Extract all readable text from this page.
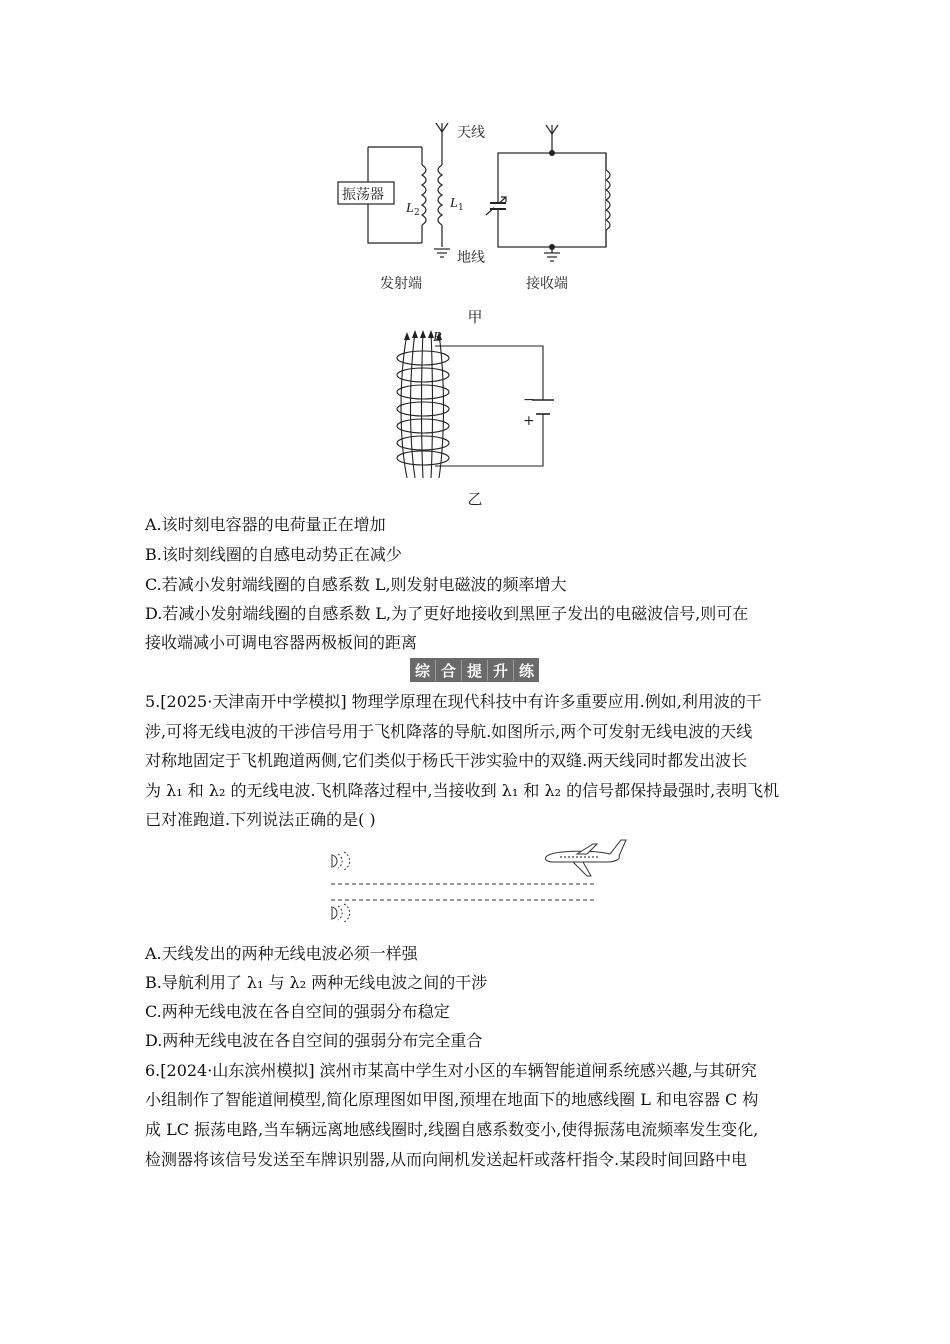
振荡器
L 2
L 1
天线
地线
发射端	接收端
甲
B
−
+
乙
A.该时刻电容器的电荷量正在增加
B.该时刻线圈的自感电动势正在减少
C.若减小发射端线圈的自感系数 L,则发射电磁波的频率增大
D.若减小发射端线圈的自感系数 L,为了更好地接收到黑匣子发出的电磁波信号,则可在
接收端减小可调电容器两极板间的距离
综 合 提 升 练
5.[2025·天津南开中学模拟] 物理学原理在现代科技中有许多重要应用.例如,利用波的干
涉,可将无线电波的干涉信号用于飞机降落的导航.如图所示,两个可发射无线电波的天线
对称地固定于飞机跑道两侧,它们类似于杨氏干涉实验中的双缝.两天线同时都发出波长
为 λ₁ 和 λ₂ 的无线电波.飞机降落过程中,当接收到 λ₁ 和 λ₂ 的信号都保持最强时,表明飞机
已对准跑道.下列说法正确的是( )
A.天线发出的两种无线电波必须一样强
B.导航利用了 λ₁ 与 λ₂ 两种无线电波之间的干涉
C.两种无线电波在各自空间的强弱分布稳定
D.两种无线电波在各自空间的强弱分布完全重合
6.[2024·山东滨州模拟] 滨州市某高中学生对小区的车辆智能道闸系统感兴趣,与其研究
小组制作了智能道闸模型,简化原理图如甲图,预埋在地面下的地感线圈 L 和电容器 C 构
成 LC 振荡电路,当车辆远离地感线圈时,线圈自感系数变小,使得振荡电流频率发生变化,
检测器将该信号发送至车牌识别器,从而向闸机发送起杆或落杆指令.某段时间回路中电
